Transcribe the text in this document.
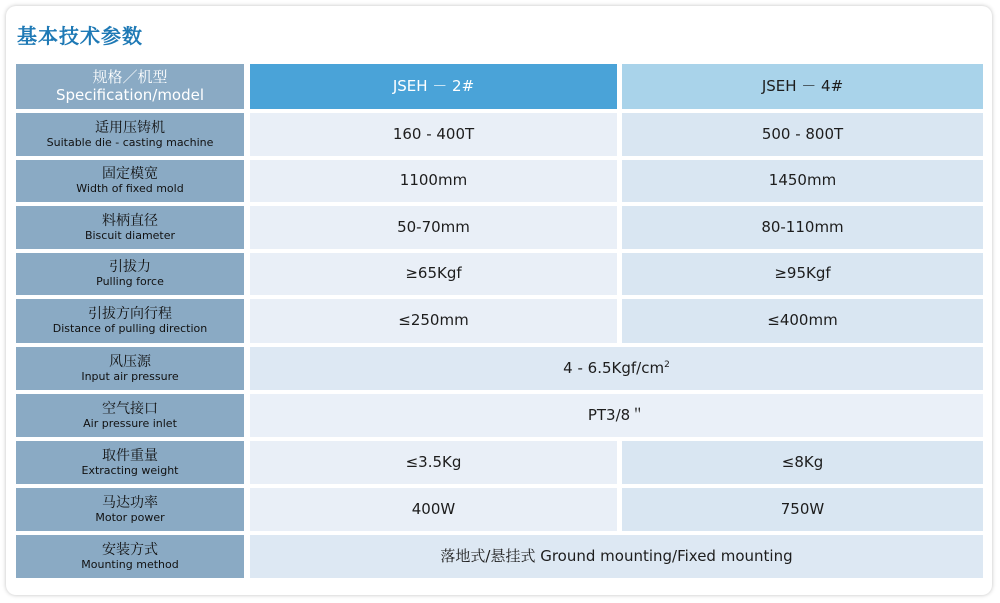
基本技术参数
规格／机型
Specification/model	JSEH － 2#	JSEH － 4#
适用压铸机
Suitable die - casting machine	160 - 400T	500 - 800T
固定模宽
Width of fixed mold	1100mm	1450mm
料柄直径
Biscuit diameter	50-70mm	80-110mm
引拔力
Pulling force	≥65Kgf	≥95Kgf
引拔方向行程
Distance of pulling direction	≤250mm	≤400mm
风压源
Input air pressure	$4 - 6.5Kgf/cm^2$
空气接口
Air pressure inlet	PT3/8＂
取件重量
Extracting weight	≤3.5Kg	≤8Kg
马达功率
Motor power	400W	750W
安装方式
Mounting method	落地式/悬挂式 Ground mounting/Fixed mounting
